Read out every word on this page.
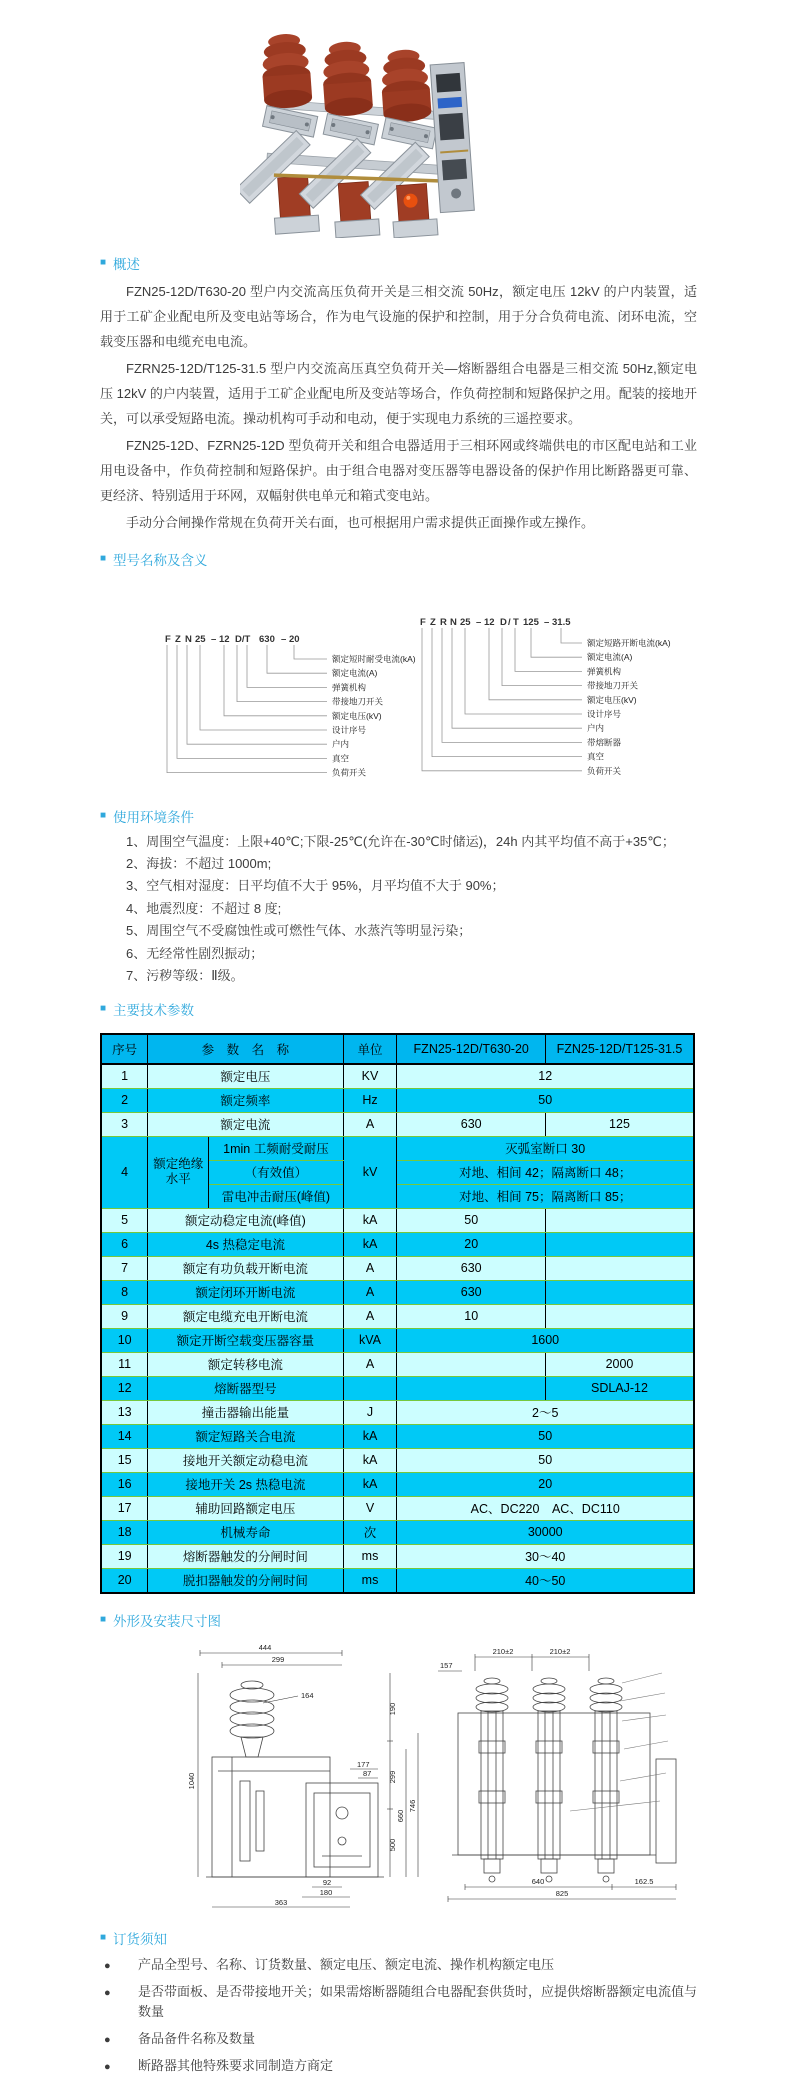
■
概述

FZN25-12D/T630-20 型户内交流高压负荷开关是三相交流 50Hz，额定电压 12kV 的户内装置，适用于工矿企业配电所及变电站等场合，作为电气设施的保护和控制，用于分合负荷电流、闭环电流，空载变压器和电缆充电电流。

FZRN25-12D/T125-31.5 型户内交流高压真空负荷开关—熔断器组合电器是三相交流 50Hz,额定电压 12kV 的户内装置，适用于工矿企业配电所及变站等场合，作负荷控制和短路保护之用。配装的接地开关，可以承受短路电流。操动机构可手动和电动，便于实现电力系统的三遥控要求。

FZN25-12D、FZRN25-12D 型负荷开关和组合电器适用于三相环网或终端供电的市区配电站和工业用电设备中，作负荷控制和短路保护。由于组合电器对变压器等电器设备的保护作用比断路器更可靠、更经济、特别适用于环网，双幅射供电单元和箱式变电站。

手动分合闸操作常规在负荷开关右面，也可根据用户需求提供正面操作或左操作。

■
型号名称及含义
F Z N 25 – 12 D/T 630 – 20
额定短时耐受电流(kA)
额定电流(A)
弹簧机构
带接地刀开关
额定电压(kV)
设计序号
户内
真空
负荷开关
F Z R N 25 – 12 D / T 125 – 31.5
额定短路开断电流(kA)
额定电流(A)
弹簧机构
带接地刀开关
额定电压(kV)
设计序号
户内
带熔断器
真空
负荷开关
■
使用环境条件
1、周围空气温度：上限+40℃;下限-25℃(允许在-30℃时储运)，24h 内其平均值不高于+35℃；
2、海拔：不超过 1000m;
3、空气相对湿度：日平均值不大于 95%，月平均值不大于 90%；
4、地震烈度：不超过 8 度;
5、周围空气不受腐蚀性或可燃性气体、水蒸汽等明显污染；
6、无经常性剧烈振动；
7、污秽等级：Ⅱ级。
■
主要技术参数
序号	参　数　名　称		单位	FZN25-12D/T630-20	FZN25-12D/T125-31.5
1	额定电压		KV	12	
2	额定频率		Hz	50	
3	额定电流		A	630	125
4	额定绝缘水平	1min 工频耐受耐压	kV	灭弧室断口 30	
		（有效值）		对地、相间 42；隔离断口 48；	
		雷电冲击耐压(峰值)		对地、相间 75；隔离断口 85；	
5	额定动稳定电流(峰值)		kA	50	
6	4s 热稳定电流		kA	20	
7	额定有功负载开断电流		A	630	
8	额定闭环开断电流		A	630	
9	额定电缆充电开断电流		A	10	
10	额定开断空载变压器容量		kVA	1600	
11	额定转移电流		A		2000
12	熔断器型号				SDLAJ-12
13	撞击器输出能量		J	2～5	
14	额定短路关合电流		kA	50	
15	接地开关额定动稳电流		kA	50	
16	接地开关 2s 热稳电流		kA	20	
17	辅助回路额定电压		V	AC、DC220　AC、DC110	
18	机械寿命		次	30000	
19	熔断器触发的分闸时间		ms	30～40	
20	脱扣器触发的分闸时间		ms	40～50	
■
外形及安装尺寸图
444
299
164
1040
190
299
500
660
746
177
87
92
180
363
210±2	210±2
157
640	162.5
825
■
订货须知
●
产品全型号、名称、订货数量、额定电压、额定电流、操作机构额定电压
●
是否带面板、是否带接地开关；如果需熔断器随组合电器配套供货时，应提供熔断器额定电流值与数量
●
备品备件名称及数量
●
断路器其他特殊要求同制造方商定
